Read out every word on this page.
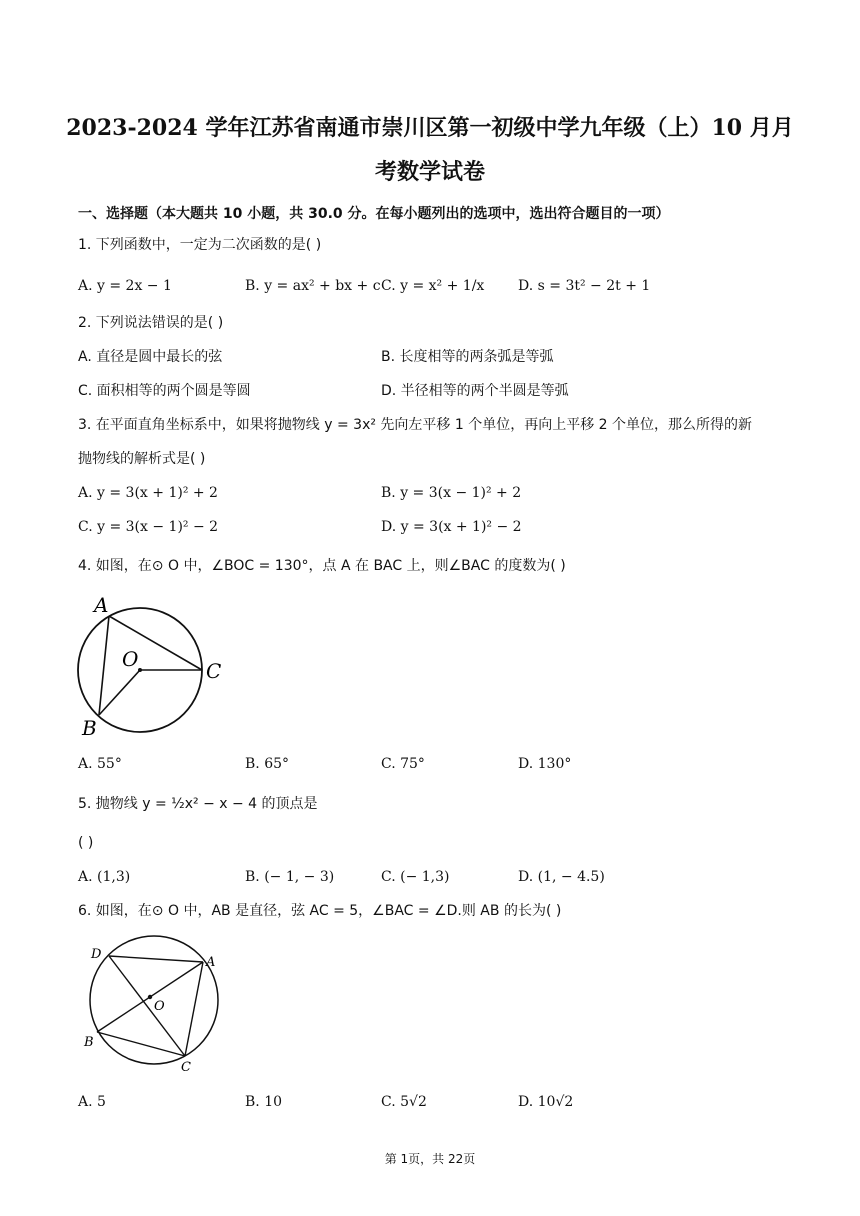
2023-2024 学年江苏省南通市崇川区第一初级中学九年级（上）10 月月
考数学试卷
一、选择题（本大题共 10 小题，共 30.0 分。在每小题列出的选项中，选出符合题目的一项）
1. 下列函数中，一定为二次函数的是( )
A. y = 2x − 1	B. y = ax² + bx + c C. y = x² + 1/x D. s = 3t² − 2t + 1
2. 下列说法错误的是( )
A. 直径是圆中最长的弦	B. 长度相等的两条弧是等弧
C. 面积相等的两个圆是等圆	D. 半径相等的两个半圆是等弧
3. 在平面直角坐标系中，如果将抛物线 y = 3x² 先向左平移 1 个单位，再向上平移 2 个单位，那么所得的新
抛物线的解析式是( )
A. y = 3(x + 1)² + 2	B. y = 3(x − 1)² + 2
C. y = 3(x − 1)² − 2	D. y = 3(x + 1)² − 2
4. 如图，在⊙ O 中，∠BOC = 130°，点 A 在 BAC 上，则∠BAC 的度数为( )
A
O	C
B
A. 55°	B. 65°	C. 75°	D. 130°
5. 抛物线 y = ½x² − x − 4 的顶点是
( )
A. (1,3)	B. (− 1, − 3)	C. (− 1,3)	D. (1, − 4.5)
6. 如图，在⊙ O 中，AB 是直径，弦 AC = 5，∠BAC = ∠D.则 AB 的长为( )
D
A
O
B
C
A. 5	B. 10	C. 5√2	D. 10√2
第 1页，共 22页
